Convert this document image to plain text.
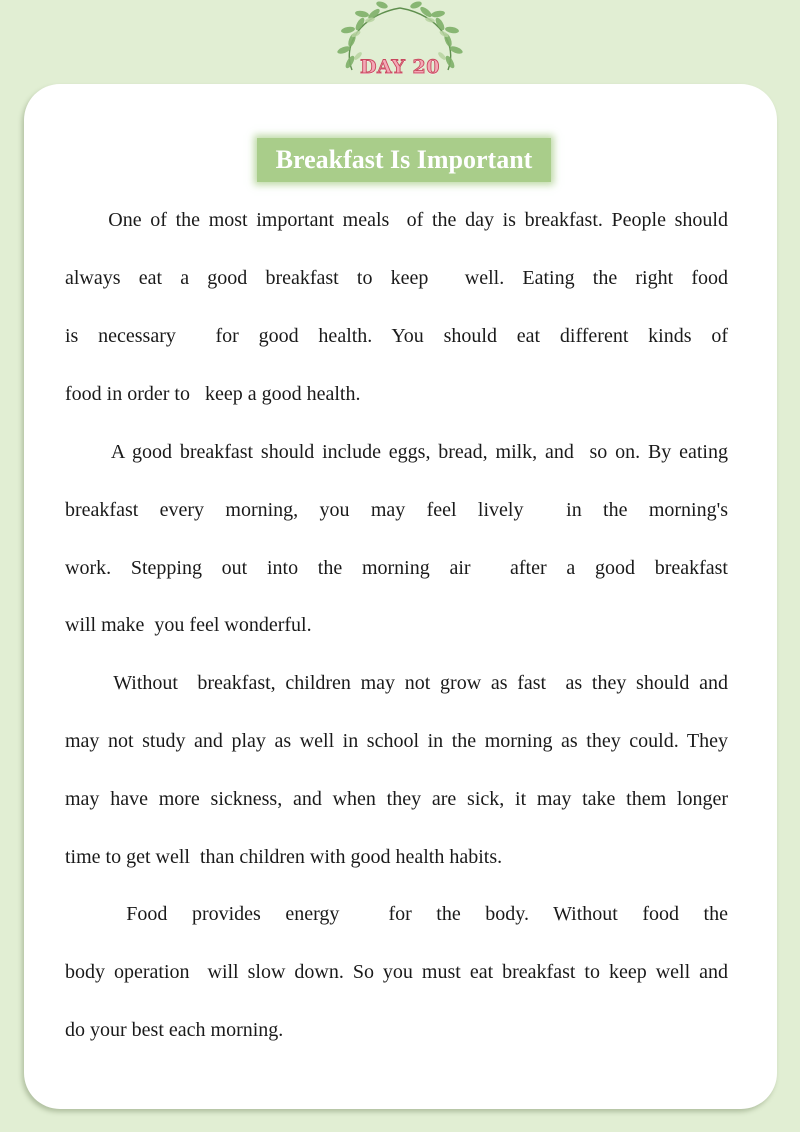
DAY 20
Breakfast Is Important
One of the most important meals  of the day is breakfast. People should
always  eat  a  good  breakfast  to  keep    well.  Eating  the  right  food
is  necessary    for  good  health.  You  should  eat  different  kinds  of
food in order to   keep a good health.
A good breakfast should include eggs, bread, milk, and  so on. By eating
breakfast  every  morning,  you  may  feel  lively    in  the  morning's
work.  Stepping  out  into  the  morning  air    after  a  good  breakfast
will make  you feel wonderful.
Without  breakfast, children may not grow as fast  as they should and
may not study and play as well in school in the morning as they could. They
may have more sickness, and when they are sick, it may take them longer
time to get well  than children with good health habits.
Food  provides  energy    for  the  body.  Without  food  the
body operation  will slow down. So you must eat breakfast to keep well and
do your best each morning.
